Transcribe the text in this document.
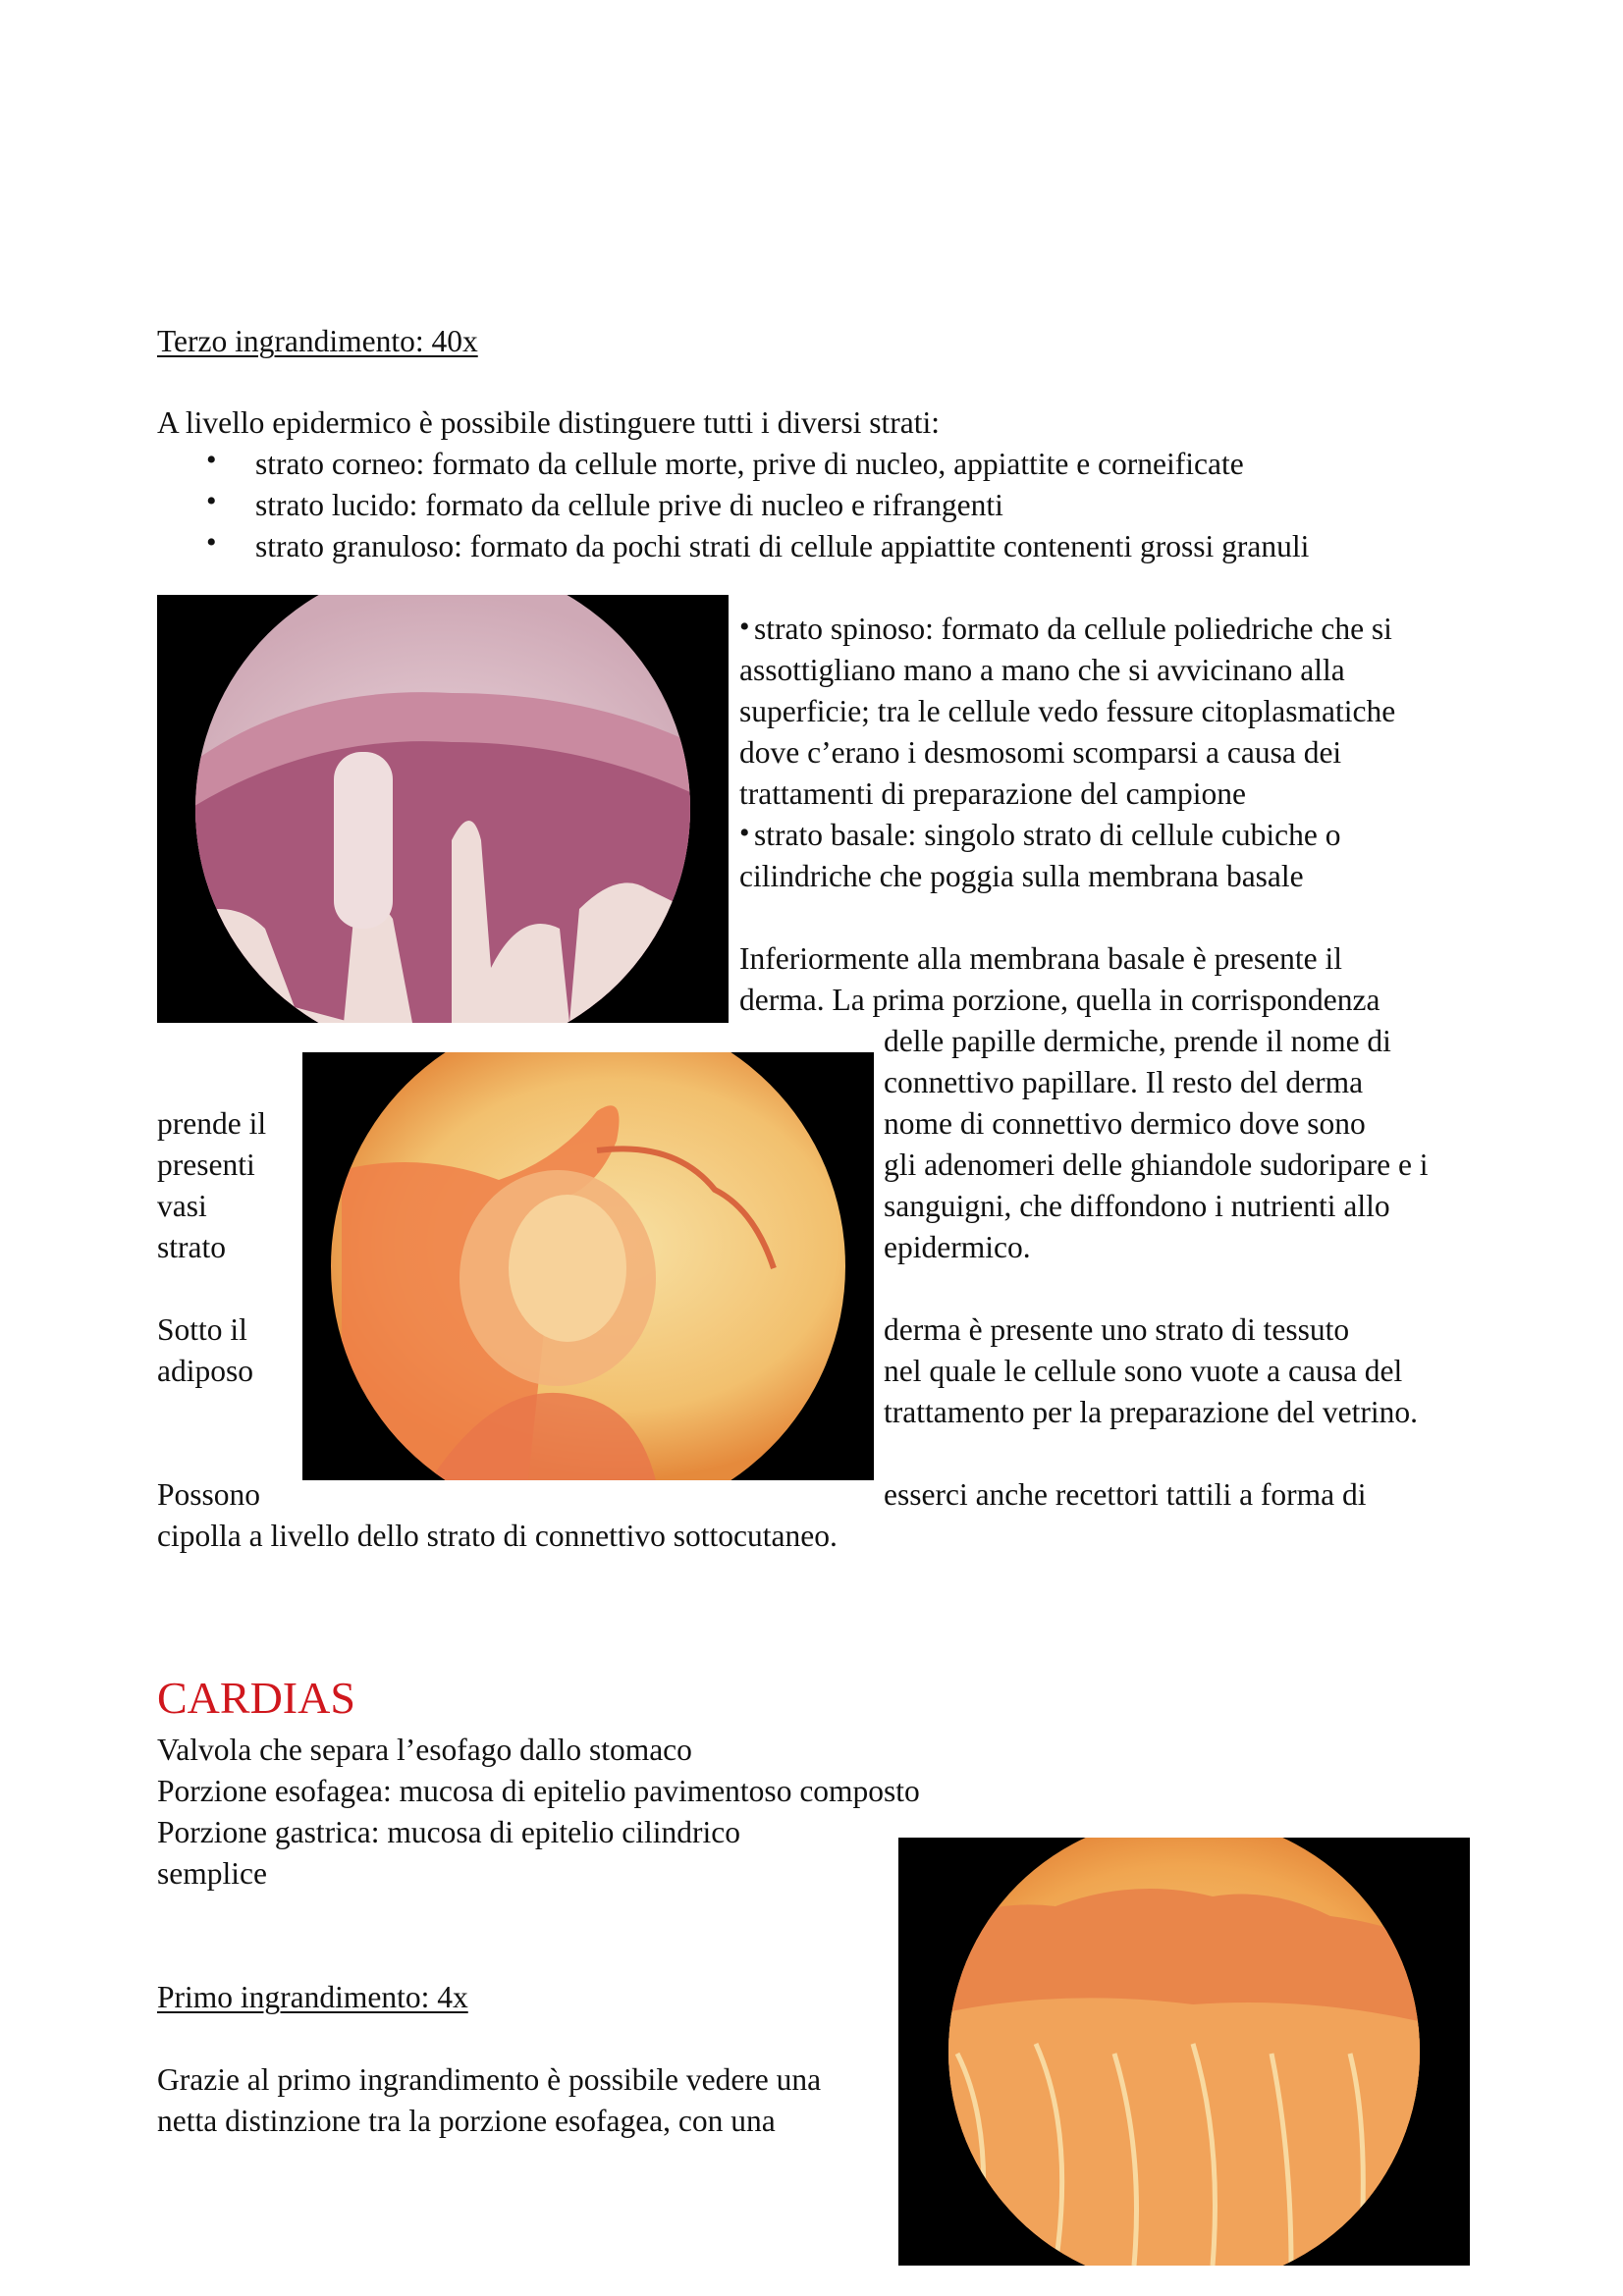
Terzo ingrandimento: 40x
A livello epidermico è possibile distinguere tutti i diversi strati:
• strato corneo: formato da cellule morte, prive di nucleo, appiattite e corneificate
• strato lucido: formato da cellule prive di nucleo e rifrangenti
• strato granuloso: formato da pochi strati di cellule appiattite contenenti grossi granuli
• strato spinoso: formato da cellule poliedriche che si
assottigliano mano a mano che si avvicinano alla
superficie; tra le cellule vedo fessure citoplasmatiche
dove c’erano i desmosomi scomparsi a causa dei
trattamenti di preparazione del campione
• strato basale: singolo strato di cellule cubiche o
cilindriche che poggia sulla membrana basale
Inferiormente alla membrana basale è presente il
derma. La prima porzione, quella in corrispondenza
delle papille dermiche, prende il nome di
connettivo papillare. Il resto del derma
prende il	nome di connettivo dermico dove sono
presenti	gli adenomeri delle ghiandole sudoripare e i
vasi	sanguigni, che diffondono i nutrienti allo
strato	epidermico.
Sotto il	derma è presente uno strato di tessuto
adiposo	nel quale le cellule sono vuote a causa del
trattamento per la preparazione del vetrino.
Possono	esserci anche recettori tattili a forma di
cipolla a livello dello strato di connettivo sottocutaneo.
CARDIAS
Valvola che separa l’esofago dallo stomaco
Porzione esofagea: mucosa di epitelio pavimentoso composto
Porzione gastrica: mucosa di epitelio cilindrico
semplice
Primo ingrandimento: 4x
Grazie al primo ingrandimento è possibile vedere una
netta distinzione tra la porzione esofagea, con una
